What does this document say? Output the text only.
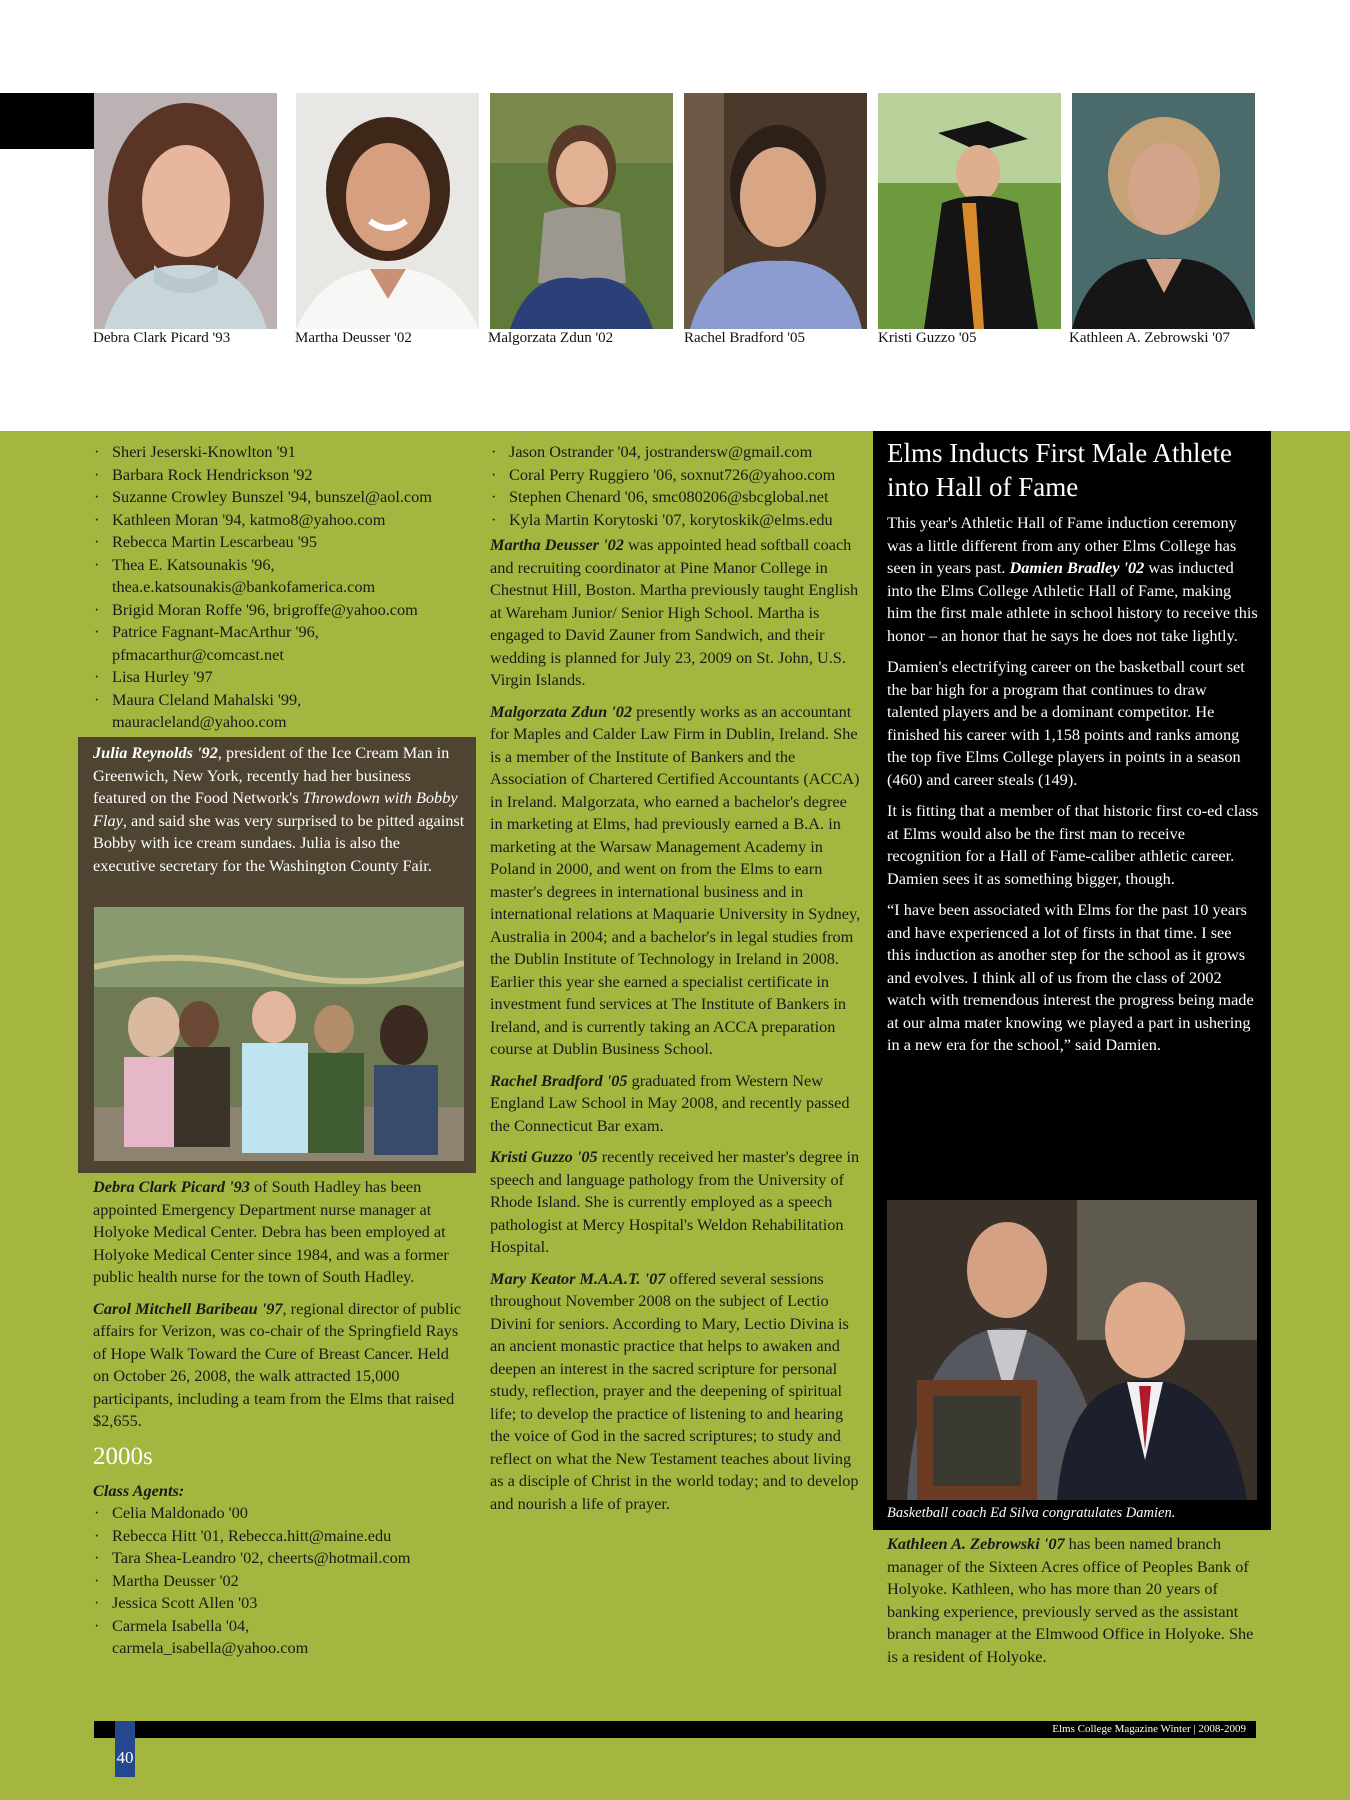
Debra Clark Picard '93	Martha Deusser '02	Malgorzata Zdun '02	Rachel Bradford '05	Kristi Guzzo '05	Kathleen A. Zebrowski '07
· Sheri Jeserski-Knowlton '91
· Barbara Rock Hendrickson '92
· Suzanne Crowley Bunszel '94, bunszel@aol.com
· Kathleen Moran '94, katmo8@yahoo.com
· Rebecca Martin Lescarbeau '95
· Thea E. Katsounakis '96,
thea.e.katsounakis@bankofamerica.com
· Brigid Moran Roffe '96, brigroffe@yahoo.com
· Patrice Fagnant-MacArthur '96,
pfmacarthur@comcast.net
· Lisa Hurley '97
· Maura Cleland Mahalski '99,
mauracleland@yahoo.com
Julia Reynolds '92, president of the Ice Cream Man in Greenwich, New York, recently had her business featured on the Food Network's Throwdown with Bobby Flay, and said she was very surprised to be pitted against Bobby with ice cream sundaes. Julia is also the executive secretary for the Washington County Fair.

Debra Clark Picard '93 of South Hadley has been appointed Emergency Department nurse manager at Holyoke Medical Center. Debra has been employed at Holyoke Medical Center since 1984, and was a former public health nurse for the town of South Hadley.

Carol Mitchell Baribeau '97, regional director of public affairs for Verizon, was co-chair of the Springfield Rays of Hope Walk Toward the Cure of Breast Cancer. Held on October 26, 2008, the walk attracted 15,000 participants, including a team from the Elms that raised $2,655.

2000s
Class Agents:
· Celia Maldonado '00
· Rebecca Hitt '01, Rebecca.hitt@maine.edu
· Tara Shea-Leandro '02, cheerts@hotmail.com
· Martha Deusser '02
· Jessica Scott Allen '03
· Carmela Isabella '04,
carmela_isabella@yahoo.com
· Jason Ostrander '04, jostrandersw@gmail.com
· Coral Perry Ruggiero '06, soxnut726@yahoo.com
· Stephen Chenard '06, smc080206@sbcglobal.net
· Kyla Martin Korytoski '07, korytoskik@elms.edu

Martha Deusser '02 was appointed head softball coach and recruiting coordinator at Pine Manor College in Chestnut Hill, Boston. Martha previously taught English at Wareham Junior/ Senior High School. Martha is engaged to David Zauner from Sandwich, and their wedding is planned for July 23, 2009 on St. John, U.S. Virgin Islands.

Malgorzata Zdun '02 presently works as an accountant for Maples and Calder Law Firm in Dublin, Ireland. She is a member of the Institute of Bankers and the Association of Chartered Certified Accountants (ACCA) in Ireland. Malgorzata, who earned a bachelor's degree in marketing at Elms, had previously earned a B.A. in marketing at the Warsaw Management Academy in Poland in 2000, and went on from the Elms to earn master's degrees in international business and in international relations at Maquarie University in Sydney, Australia in 2004; and a bachelor's in legal studies from the Dublin Institute of Technology in Ireland in 2008. Earlier this year she earned a specialist certificate in investment fund services at The Institute of Bankers in Ireland, and is currently taking an ACCA preparation course at Dublin Business School.

Rachel Bradford '05 graduated from Western New England Law School in May 2008, and recently passed the Connecticut Bar exam.

Kristi Guzzo '05 recently received her master's degree in speech and language pathology from the University of Rhode Island. She is currently employed as a speech pathologist at Mercy Hospital's Weldon Rehabilitation Hospital.

Mary Keator M.A.A.T. '07 offered several sessions throughout November 2008 on the subject of Lectio Divini for seniors. According to Mary, Lectio Divina is an ancient monastic practice that helps to awaken and deepen an interest in the sacred scripture for personal study, reflection, prayer and the deepening of spiritual life; to develop the practice of listening to and hearing the voice of God in the sacred scriptures; to study and reflect on what the New Testament teaches about living as a disciple of Christ in the world today; and to develop and nourish a life of prayer.

Elms Inducts First Male Athlete into Hall of Fame

This year's Athletic Hall of Fame induction ceremony was a little different from any other Elms College has seen in years past. Damien Bradley '02 was inducted into the Elms College Athletic Hall of Fame, making him the first male athlete in school history to receive this honor – an honor that he says he does not take lightly.

Damien's electrifying career on the basketball court set the bar high for a program that continues to draw talented players and be a dominant competitor. He finished his career with 1,158 points and ranks among the top five Elms College players in points in a season (460) and career steals (149).

It is fitting that a member of that historic first co-ed class at Elms would also be the first man to receive recognition for a Hall of Fame-caliber athletic career. Damien sees it as something bigger, though.

“I have been associated with Elms for the past 10 years and have experienced a lot of firsts in that time. I see this induction as another step for the school as it grows and evolves. I think all of us from the class of 2002 watch with tremendous interest the progress being made at our alma mater knowing we played a part in ushering in a new era for the school,” said Damien.

Basketball coach Ed Silva congratulates Damien.

Kathleen A. Zebrowski '07 has been named branch manager of the Sixteen Acres office of Peoples Bank of Holyoke. Kathleen, who has more than 20 years of banking experience, previously served as the assistant branch manager at the Elmwood Office in Holyoke. She is a resident of Holyoke.

Elms College Magazine Winter | 2008-2009
40
